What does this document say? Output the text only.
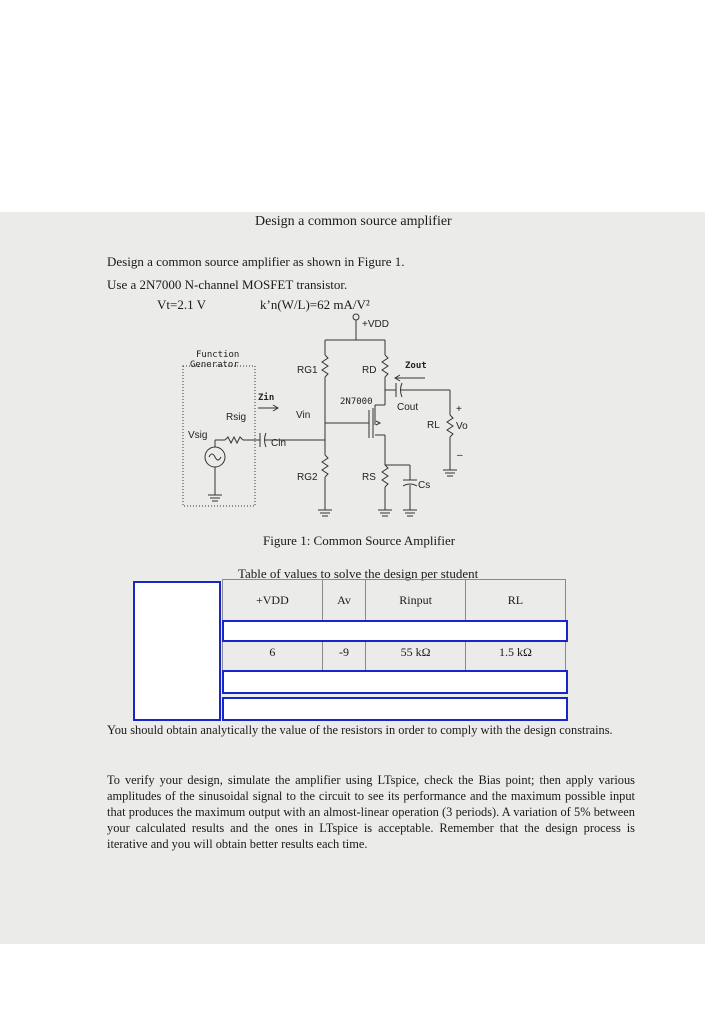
Design a common source amplifier
Design a common source amplifier as shown in Figure 1.
Use a 2N7000 N-channel MOSFET transistor.
Vt=2.1 V	k’n(W/L)=62 mA/V²
+VDD
Function
Generator
Zin
Zout
RG1
RG2
RD
RS
Cs
Cout
RL Vo
+
–
2N7000
Rsig	Vin
Vsig
Cin
Figure 1: Common Source Amplifier
Table of values to solve the design per student
+VDD	Av	Rinput	RL

6	-9	55 kΩ	1.5 kΩ
You should obtain analytically the value of the resistors in order to comply with the design constrains.
To verify your design, simulate the amplifier using LTspice, check the Bias point; then apply various amplitudes of the sinusoidal signal to the circuit to see its performance and the maximum possible input that produces the maximum output with an almost-linear operation (3 periods). A variation of 5% between your calculated results and the ones in LTspice is acceptable. Remember that the design process is iterative and you will obtain better results each time.
